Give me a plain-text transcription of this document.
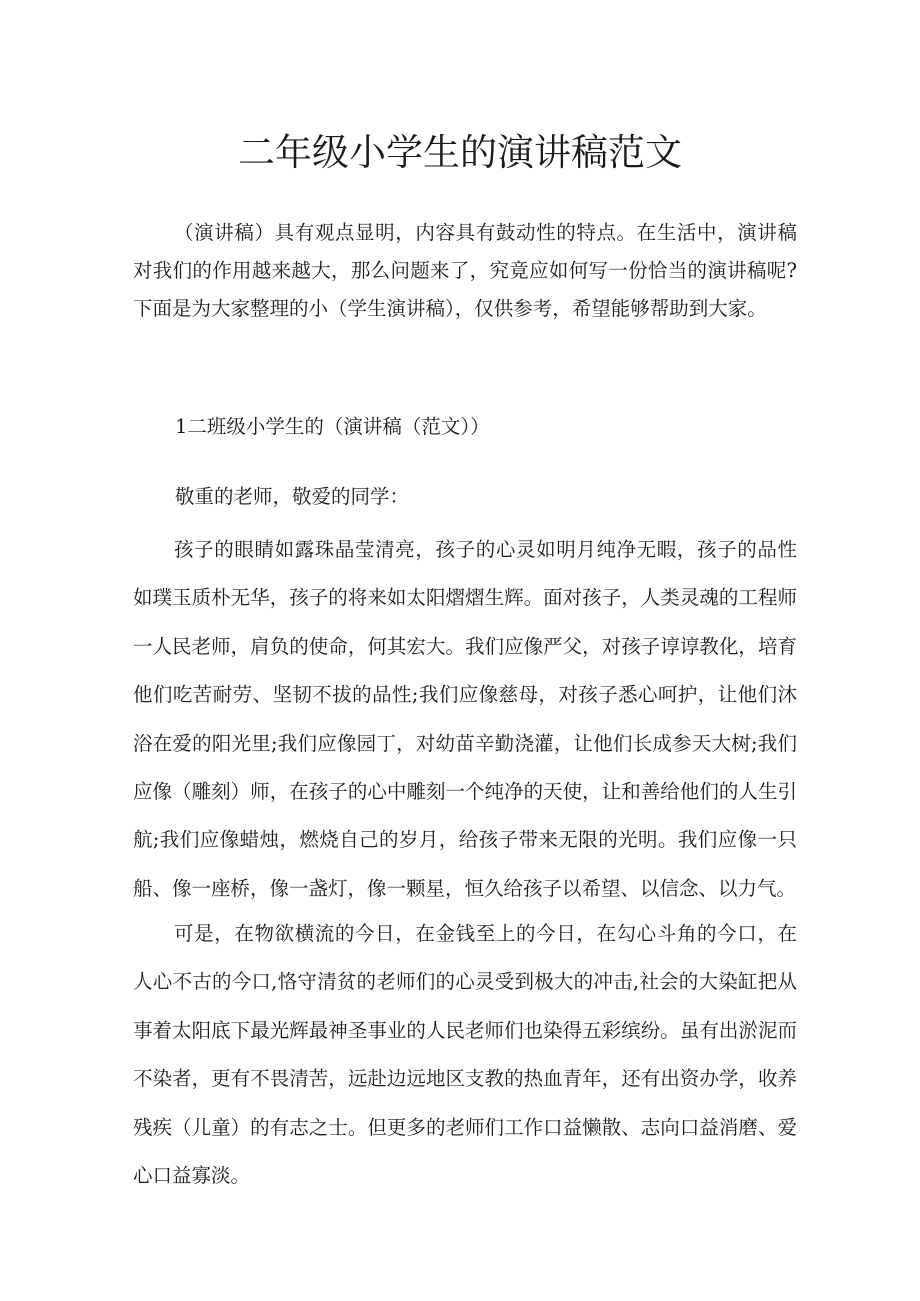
二年级小学生的演讲稿范文

（演讲稿）具有观点显明，内容具有鼓动性的特点。在生活中，演讲稿对我们的作用越来越大，那么问题来了，究竟应如何写一份恰当的演讲稿呢?下面是为大家整理的小（学生演讲稿），仅供参考，希望能够帮助到大家。

1二班级小学生的（演讲稿（范文））

敬重的老师，敬爱的同学：

孩子的眼睛如露珠晶莹清亮，孩子的心灵如明月纯净无暇，孩子的品性如璞玉质朴无华，孩子的将来如太阳熠熠生辉。面对孩子，人类灵魂的工程师一人民老师，肩负的使命，何其宏大。我们应像严父，对孩子谆谆教化，培育他们吃苦耐劳、坚韧不拔的品性;我们应像慈母，对孩子悉心呵护，让他们沐浴在爱的阳光里;我们应像园丁，对幼苗辛勤浇灌，让他们长成参天大树;我们应像（雕刻）师，在孩子的心中雕刻一个纯净的天使，让和善给他们的人生引航;我们应像蜡烛，燃烧自己的岁月，给孩子带来无限的光明。我们应像一只船、像一座桥，像一盏灯，像一颗星，恒久给孩子以希望、以信念、以力气。

可是，在物欲横流的今日，在金钱至上的今日，在勾心斗角的今口，在人心不古的今口,恪守清贫的老师们的心灵受到极大的冲击,社会的大染缸把从事着太阳底下最光辉最神圣事业的人民老师们也染得五彩缤纷。虽有出淤泥而不染者，更有不畏清苦，远赴边远地区支教的热血青年，还有出资办学，收养残疾（儿童）的有志之士。但更多的老师们工作口益懒散、志向口益消磨、爱心口益寡淡。
